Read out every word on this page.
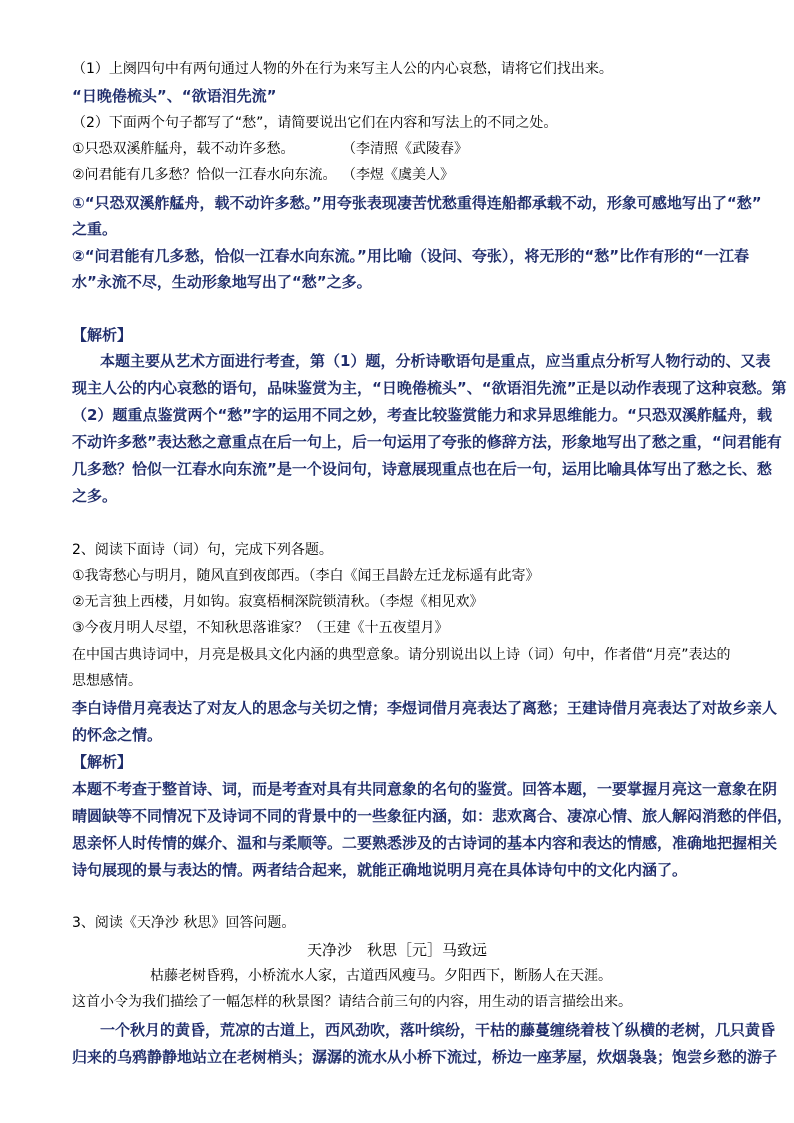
（1）上阕四句中有两句通过人物的外在行为来写主人公的内心哀愁，请将它们找出来。
“日晚倦梳头”、“欲语泪先流”
（2）下面两个句子都写了“愁”，请简要说出它们在内容和写法上的不同之处。
①只恐双溪舴艋舟，载不动许多愁。	（李清照《武陵春》
②问君能有几多愁？恰似一江春水向东流。 （李煜《虞美人》
①“只恐双溪舴艋舟，载不动许多愁。”用夸张表现凄苦忧愁重得连船都承载不动，形象可感地写出了“愁”
之重。
②“问君能有几多愁，恰似一江春水向东流。”用比喻（设问、夸张），将无形的“愁”比作有形的“一江春
水”永流不尽，生动形象地写出了“愁”之多。
【解析】
本题主要从艺术方面进行考查，第（1）题，分析诗歌语句是重点，应当重点分析写人物行动的、又表
现主人公的内心哀愁的语句，品味鉴赏为主，“日晚倦梳头”、“欲语泪先流”正是以动作表现了这种哀愁。第
（2）题重点鉴赏两个“愁”字的运用不同之妙，考查比较鉴赏能力和求异思维能力。“只恐双溪舴艋舟，载
不动许多愁”表达愁之意重点在后一句上，后一句运用了夸张的修辞方法，形象地写出了愁之重，“问君能有
几多愁？恰似一江春水向东流”是一个设问句，诗意展现重点也在后一句，运用比喻具体写出了愁之长、愁
之多。
2、阅读下面诗（词）句，完成下列各题。
①我寄愁心与明月，随风直到夜郎西。（李白《闻王昌龄左迁龙标遥有此寄》
②无言独上西楼，月如钩。寂寞梧桐深院锁清秋。（李煜《相见欢》
③今夜月明人尽望，不知秋思落谁家？（王建《十五夜望月》
在中国古典诗词中，月亮是极具文化内涵的典型意象。请分别说出以上诗（词）句中，作者借“月亮”表达的
思想感情。
李白诗借月亮表达了对友人的思念与关切之情；李煜词借月亮表达了离愁；王建诗借月亮表达了对故乡亲人
的怀念之情。
【解析】
本题不考查于整首诗、词，而是考查对具有共同意象的名句的鉴赏。回答本题，一要掌握月亮这一意象在阴
晴圆缺等不同情况下及诗词不同的背景中的一些象征内涵，如：悲欢离合、凄凉心情、旅人解闷消愁的伴侣，
思亲怀人时传情的媒介、温和与柔顺等。二要熟悉涉及的古诗词的基本内容和表达的情感，准确地把握相关
诗句展现的景与表达的情。两者结合起来，就能正确地说明月亮在具体诗句中的文化内涵了。
3、阅读《天净沙 秋思》回答问题。
天净沙　秋思［元］马致远
枯藤老树昏鸦，小桥流水人家，古道西风瘦马。夕阳西下，断肠人在天涯。
这首小令为我们描绘了一幅怎样的秋景图？请结合前三句的内容，用生动的语言描绘出来。
一个秋月的黄昏，荒凉的古道上，西风劲吹，落叶缤纷，干枯的藤蔓缠绕着枝丫纵横的老树，几只黄昏
归来的乌鸦静静地站立在老树梢头；潺潺的流水从小桥下流过，桥边一座茅屋，炊烟袅袅；饱尝乡愁的游子
